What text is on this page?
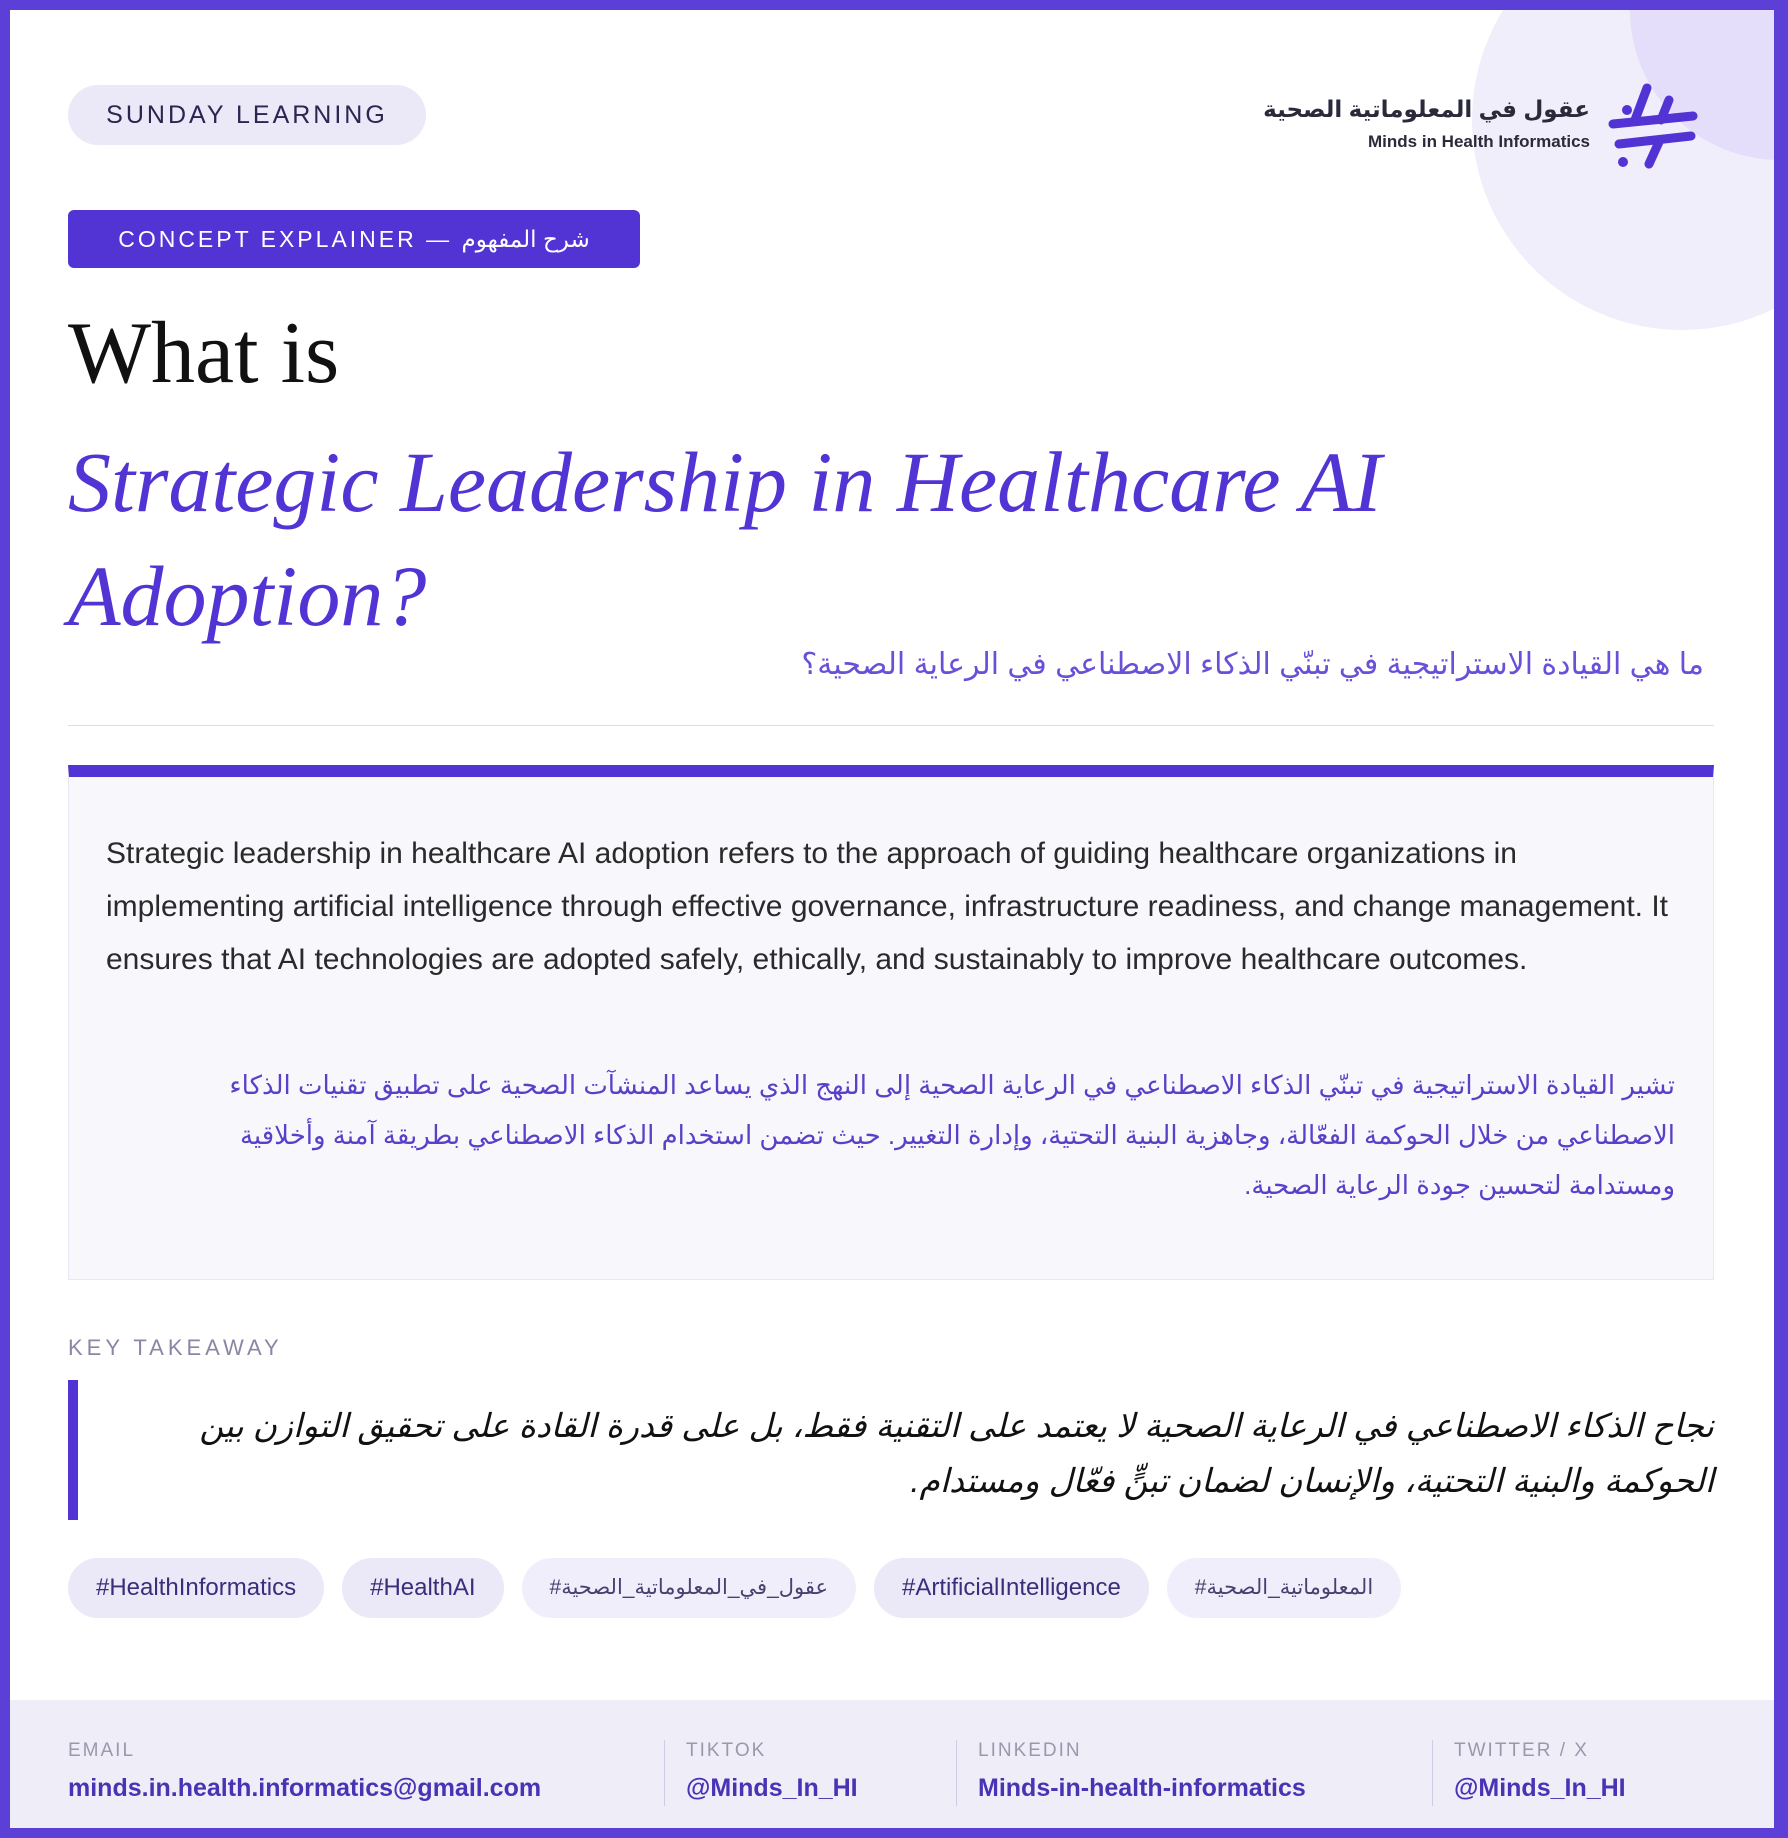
SUNDAY LEARNING	عقول في المعلوماتية الصحية
Minds in Health Informatics
CONCEPT EXPLAINER — شرح المفهوم
What is
Strategic Leadership in Healthcare AI Adoption?
ما هي القيادة الاستراتيجية في تبنّي الذكاء الاصطناعي في الرعاية الصحية؟
Strategic leadership in healthcare AI adoption refers to the approach of guiding healthcare organizations in implementing artificial intelligence through effective governance, infrastructure readiness, and change management. It ensures that AI technologies are adopted safely, ethically, and sustainably to improve healthcare outcomes.
تشير القيادة الاستراتيجية في تبنّي الذكاء الاصطناعي في الرعاية الصحية إلى النهج الذي يساعد المنشآت الصحية على تطبيق تقنيات الذكاء الاصطناعي من خلال الحوكمة الفعّالة، وجاهزية البنية التحتية، وإدارة التغيير. حيث تضمن استخدام الذكاء الاصطناعي بطريقة آمنة وأخلاقية ومستدامة لتحسين جودة الرعاية الصحية.
KEY TAKEAWAY
نجاح الذكاء الاصطناعي في الرعاية الصحية لا يعتمد على التقنية فقط، بل على قدرة القادة على تحقيق التوازن بين الحوكمة والبنية التحتية، والإنسان لضمان تبنٍّ فعّال ومستدام.
#HealthInformatics	#HealthAI	#عقول_في_المعلوماتية_الصحية	#ArtificialIntelligence	#المعلوماتية_الصحية
EMAIL
minds.in.health.informatics@gmail.com
TIKTOK
@Minds_In_HI
LINKEDIN
Minds-in-health-informatics
TWITTER / X
@Minds_In_HI
